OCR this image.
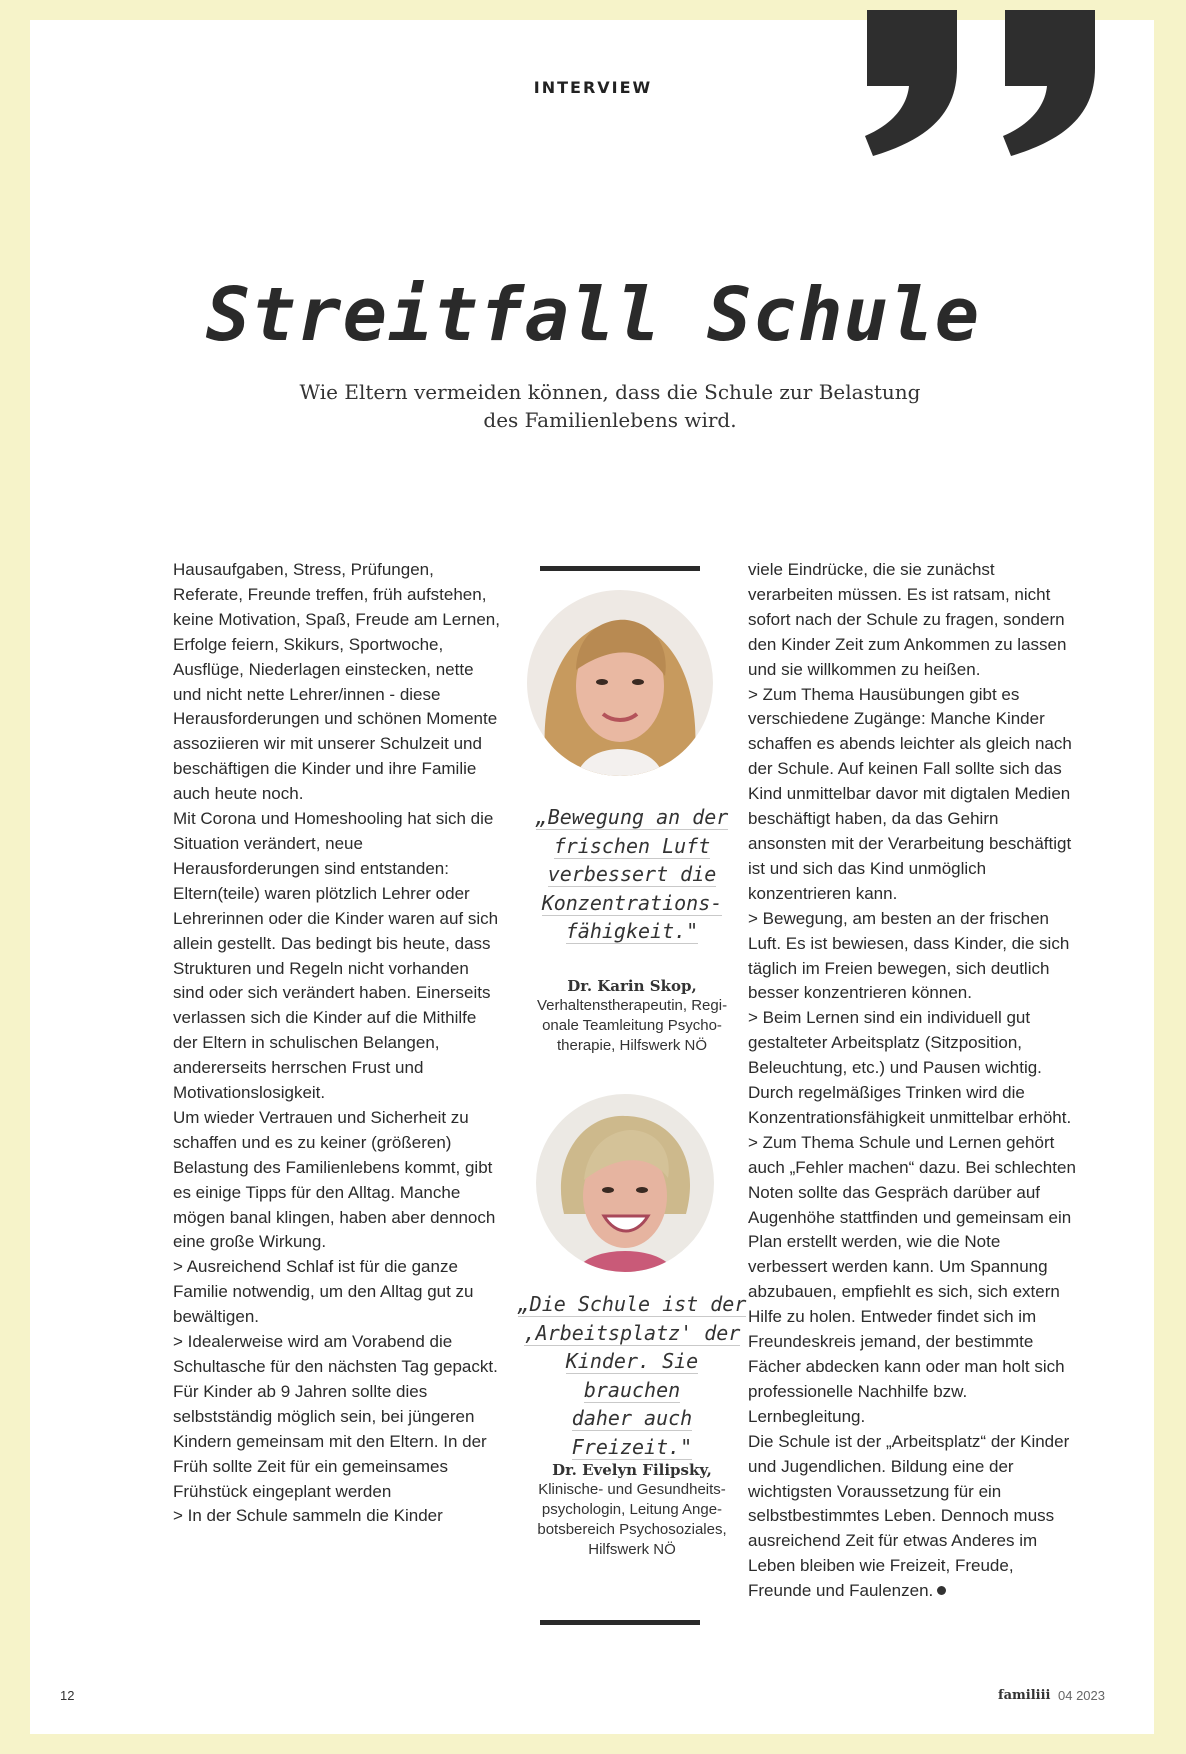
INTERVIEW
Streitfall Schule
Wie Eltern vermeiden können, dass die Schule zur Belastung
des Familienlebens wird.

Hausaufgaben, Stress, Prüfungen, Referate, Freunde treffen, früh aufstehen, keine Motivation, Spaß, Freude am Lernen, Erfolge feiern, Skikurs, Sportwoche, Ausflüge, Niederlagen einstecken, nette und nicht nette Lehrer/innen - diese Herausforderungen und schönen Momente assoziieren wir mit unserer Schulzeit und beschäftigen die Kinder und ihre Familie auch heute noch.

Mit Corona und Homeshooling hat sich die Situation verändert, neue Herausforderungen sind entstanden: Eltern(teile) waren plötzlich Lehrer oder Lehrerinnen oder die Kinder waren auf sich allein gestellt. Das bedingt bis heute, dass Strukturen und Regeln nicht vorhanden sind oder sich verändert haben. Einerseits verlassen sich die Kinder auf die Mithilfe der Eltern in schulischen Belangen, andererseits herrschen Frust und Motivationslosigkeit.

Um wieder Vertrauen und Sicherheit zu schaffen und es zu keiner (größeren) Belastung des Familienlebens kommt, gibt es einige Tipps für den Alltag. Manche mögen banal klingen, haben aber dennoch eine große Wirkung.

> Ausreichend Schlaf ist für die ganze Familie notwendig, um den Alltag gut zu bewältigen.

> Idealerweise wird am Vorabend die Schultasche für den nächsten Tag gepackt. Für Kinder ab 9 Jahren sollte dies selbstständig möglich sein, bei jüngeren Kindern gemeinsam mit den Eltern. In der Früh sollte Zeit für ein gemeinsames Frühstück eingeplant werden

> In der Schule sammeln die Kinder

„Bewegung an der
frischen Luft
verbessert die
Konzentrations-
fähigkeit."
Dr. Karin Skop,
Verhaltenstherapeutin, Regi-
onale Teamleitung Psycho-
therapie, Hilfswerk NÖ
„Die Schule ist der
‚Arbeitsplatz' der
Kinder. Sie brauchen
daher auch
Freizeit."
Dr. Evelyn Filipsky,
Klinische- und Gesundheits-
psychologin, Leitung Ange-
botsbereich Psychosoziales,
Hilfswerk NÖ

viele Eindrücke, die sie zunächst verarbeiten müssen. Es ist ratsam, nicht sofort nach der Schule zu fragen, sondern den Kinder Zeit zum Ankommen zu lassen und sie willkommen zu heißen.

> Zum Thema Hausübungen gibt es verschiedene Zugänge: Manche Kinder schaffen es abends leichter als gleich nach der Schule. Auf keinen Fall sollte sich das Kind unmittelbar davor mit digtalen Medien beschäftigt haben, da das Gehirn ansonsten mit der Verarbeitung beschäftigt ist und sich das Kind unmöglich konzentrieren kann.

> Bewegung, am besten an der frischen Luft. Es ist bewiesen, dass Kinder, die sich täglich im Freien bewegen, sich deutlich besser konzentrieren können.

> Beim Lernen sind ein individuell gut gestalteter Arbeitsplatz (Sitzposition, Beleuchtung, etc.) und Pausen wichtig. Durch regelmäßiges Trinken wird die Konzentrationsfähigkeit unmittelbar erhöht.

> Zum Thema Schule und Lernen gehört auch „Fehler machen“ dazu. Bei schlechten Noten sollte das Gespräch darüber auf Augenhöhe stattfinden und gemeinsam ein Plan erstellt werden, wie die Note verbessert werden kann. Um Spannung abzubauen, empfiehlt es sich, sich extern Hilfe zu holen. Entweder findet sich im Freundeskreis jemand, der bestimmte Fächer abdecken kann oder man holt sich professionelle Nachhilfe bzw. Lernbegleitung.

Die Schule ist der „Arbeitsplatz“ der Kinder und Jugendlichen. Bildung eine der wichtigsten Voraussetzung für ein selbstbestimmtes Leben. Dennoch muss ausreichend Zeit für etwas Anderes im Leben bleiben wie Freizeit, Freude, Freunde und Faulenzen.

12	familiii 04 2023
